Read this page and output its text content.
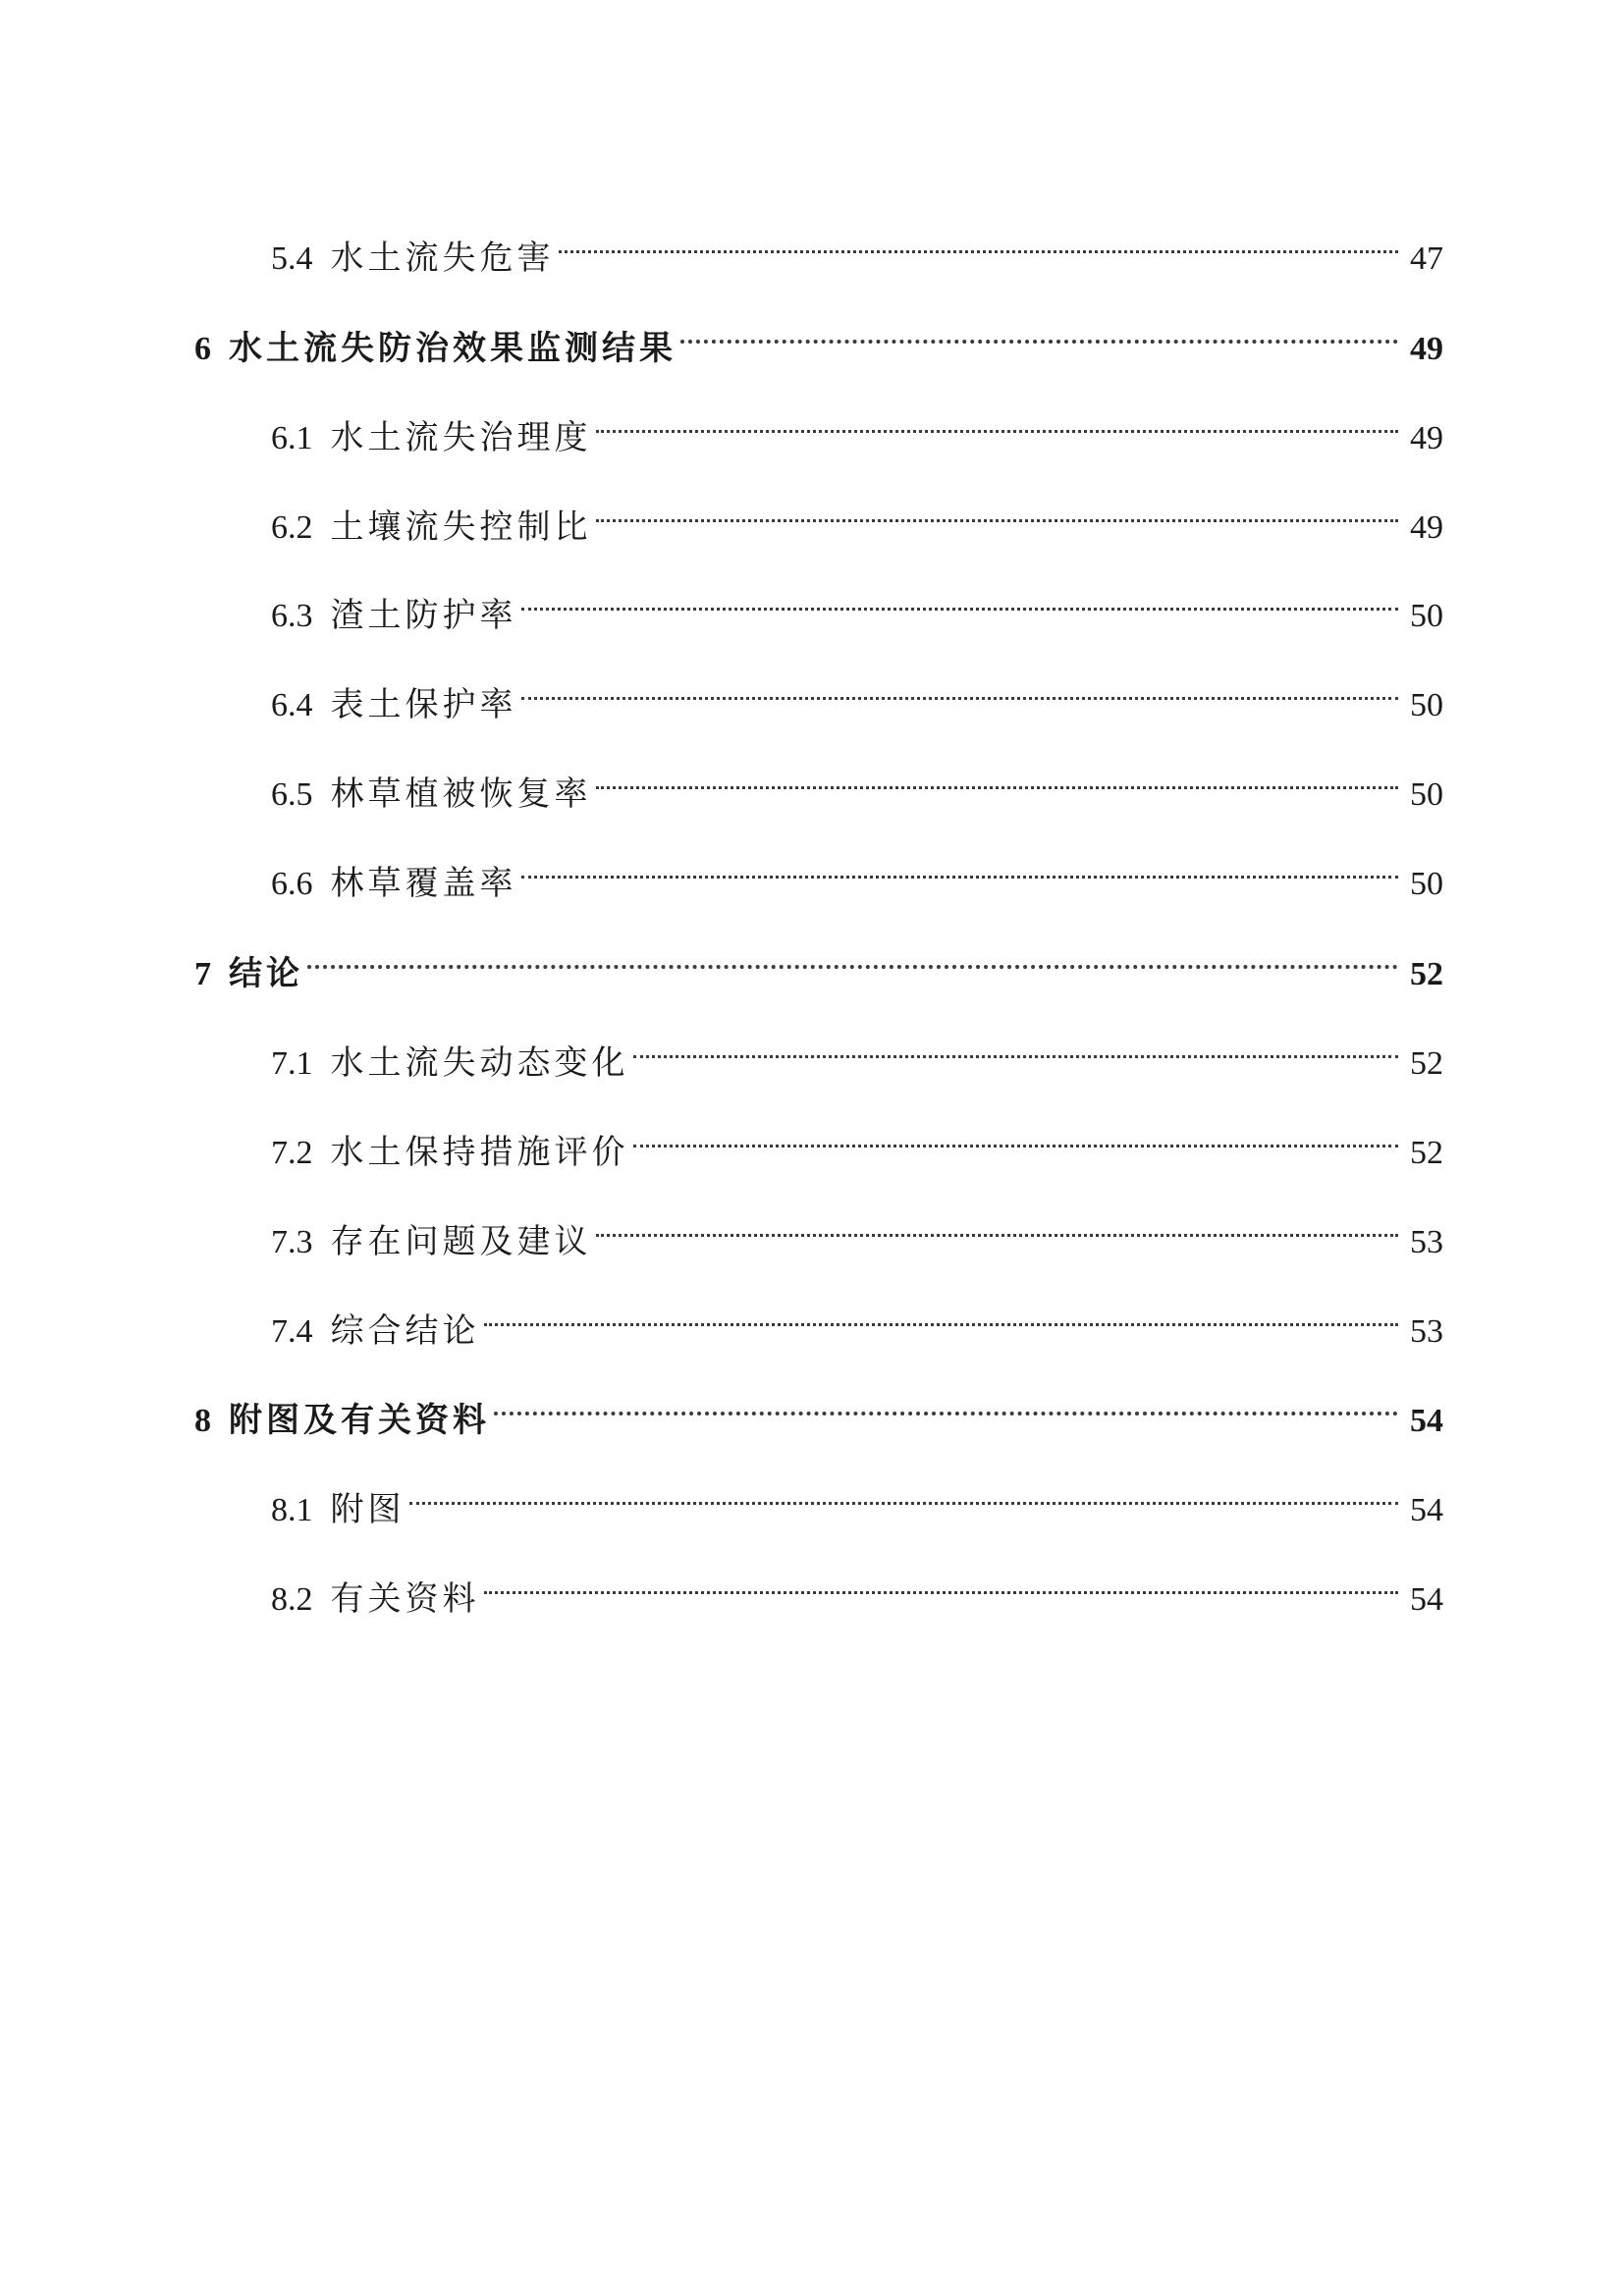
5.4 水土流失危害	47
6 水土流失防治效果监测结果	49
6.1 水土流失治理度	49
6.2 土壤流失控制比	49
6.3 渣土防护率	50
6.4 表土保护率	50
6.5 林草植被恢复率	50
6.6 林草覆盖率	50
7 结论	52
7.1 水土流失动态变化	52
7.2 水土保持措施评价	52
7.3 存在问题及建议	53
7.4 综合结论	53
8 附图及有关资料	54
8.1 附图	54
8.2 有关资料	54
